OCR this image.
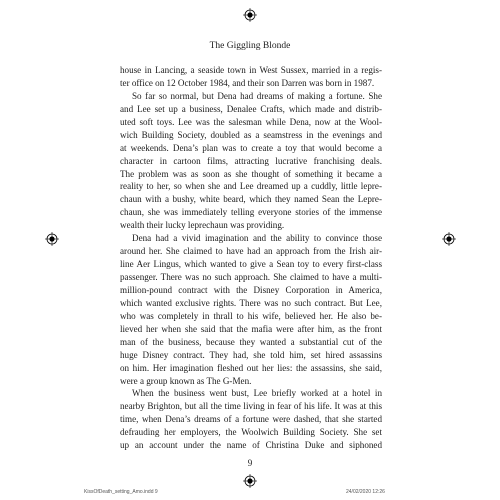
The Giggling Blonde
house in Lancing, a seaside town in West Sussex, married in a regis-
ter office on 12 October 1984, and their son Darren was born in 1987.
So far so normal, but Dena had dreams of making a fortune. She
and Lee set up a business, Denalee Crafts, which made and distrib-
uted soft toys. Lee was the salesman while Dena, now at the Wool-
wich Building Society, doubled as a seamstress in the evenings and
at weekends. Dena’s plan was to create a toy that would become a
character in cartoon films, attracting lucrative franchising deals.
The problem was as soon as she thought of something it became a
reality to her, so when she and Lee dreamed up a cuddly, little lepre-
chaun with a bushy, white beard, which they named Sean the Lepre-
chaun, she was immediately telling everyone stories of the immense
wealth their lucky leprechaun was providing.
Dena had a vivid imagination and the ability to convince those
around her. She claimed to have had an approach from the Irish air-
line Aer Lingus, which wanted to give a Sean toy to every first-class
passenger. There was no such approach. She claimed to have a multi-
million-pound contract with the Disney Corporation in America,
which wanted exclusive rights. There was no such contract. But Lee,
who was completely in thrall to his wife, believed her. He also be-
lieved her when she said that the mafia were after him, as the front
man of the business, because they wanted a substantial cut of the
huge Disney contract. They had, she told him, set hired assassins
on him. Her imagination fleshed out her lies: the assassins, she said,
were a group known as The G-Men.
When the business went bust, Lee briefly worked at a hotel in
nearby Brighton, but all the time living in fear of his life. It was at this
time, when Dena’s dreams of a fortune were dashed, that she started
defrauding her employers, the Woolwich Building Society. She set
up an account under the name of Christina Duke and siphoned
9
KissOfDeath_setting_Amo.indd 9	24/02/2020 12:26
